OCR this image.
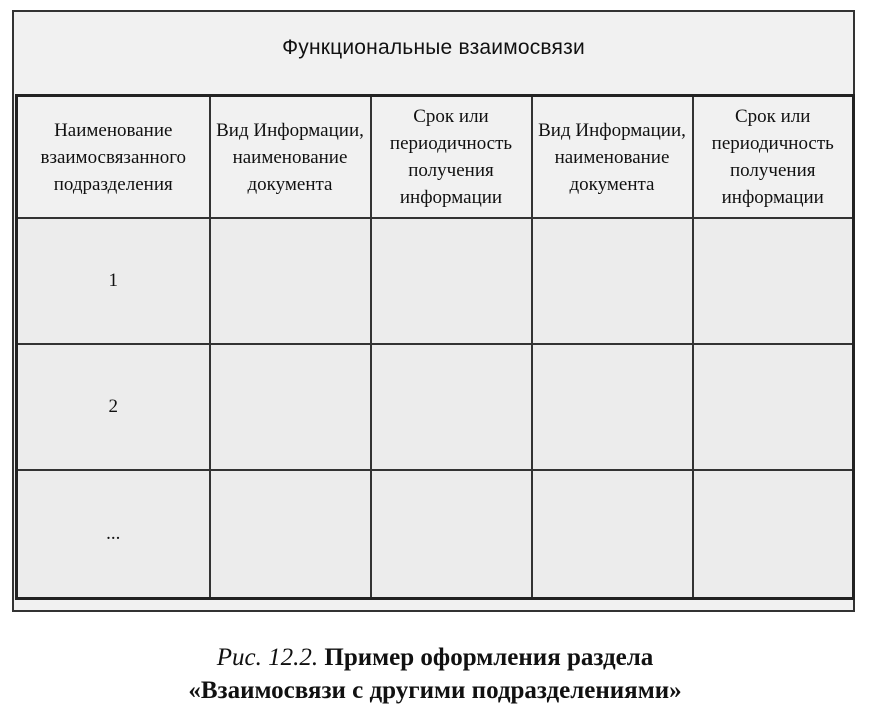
Функциональные взаимосвязи
Наименование взаимосвязанного подразделения	Вид Информации, наименование документа	Срок или периодичность получения информации	Вид Информации, наименование документа	Срок или периодичность получения информации

1				
2				
...				
Рис. 12.2. Пример оформления раздела
«Взаимосвязи с другими подразделениями»
